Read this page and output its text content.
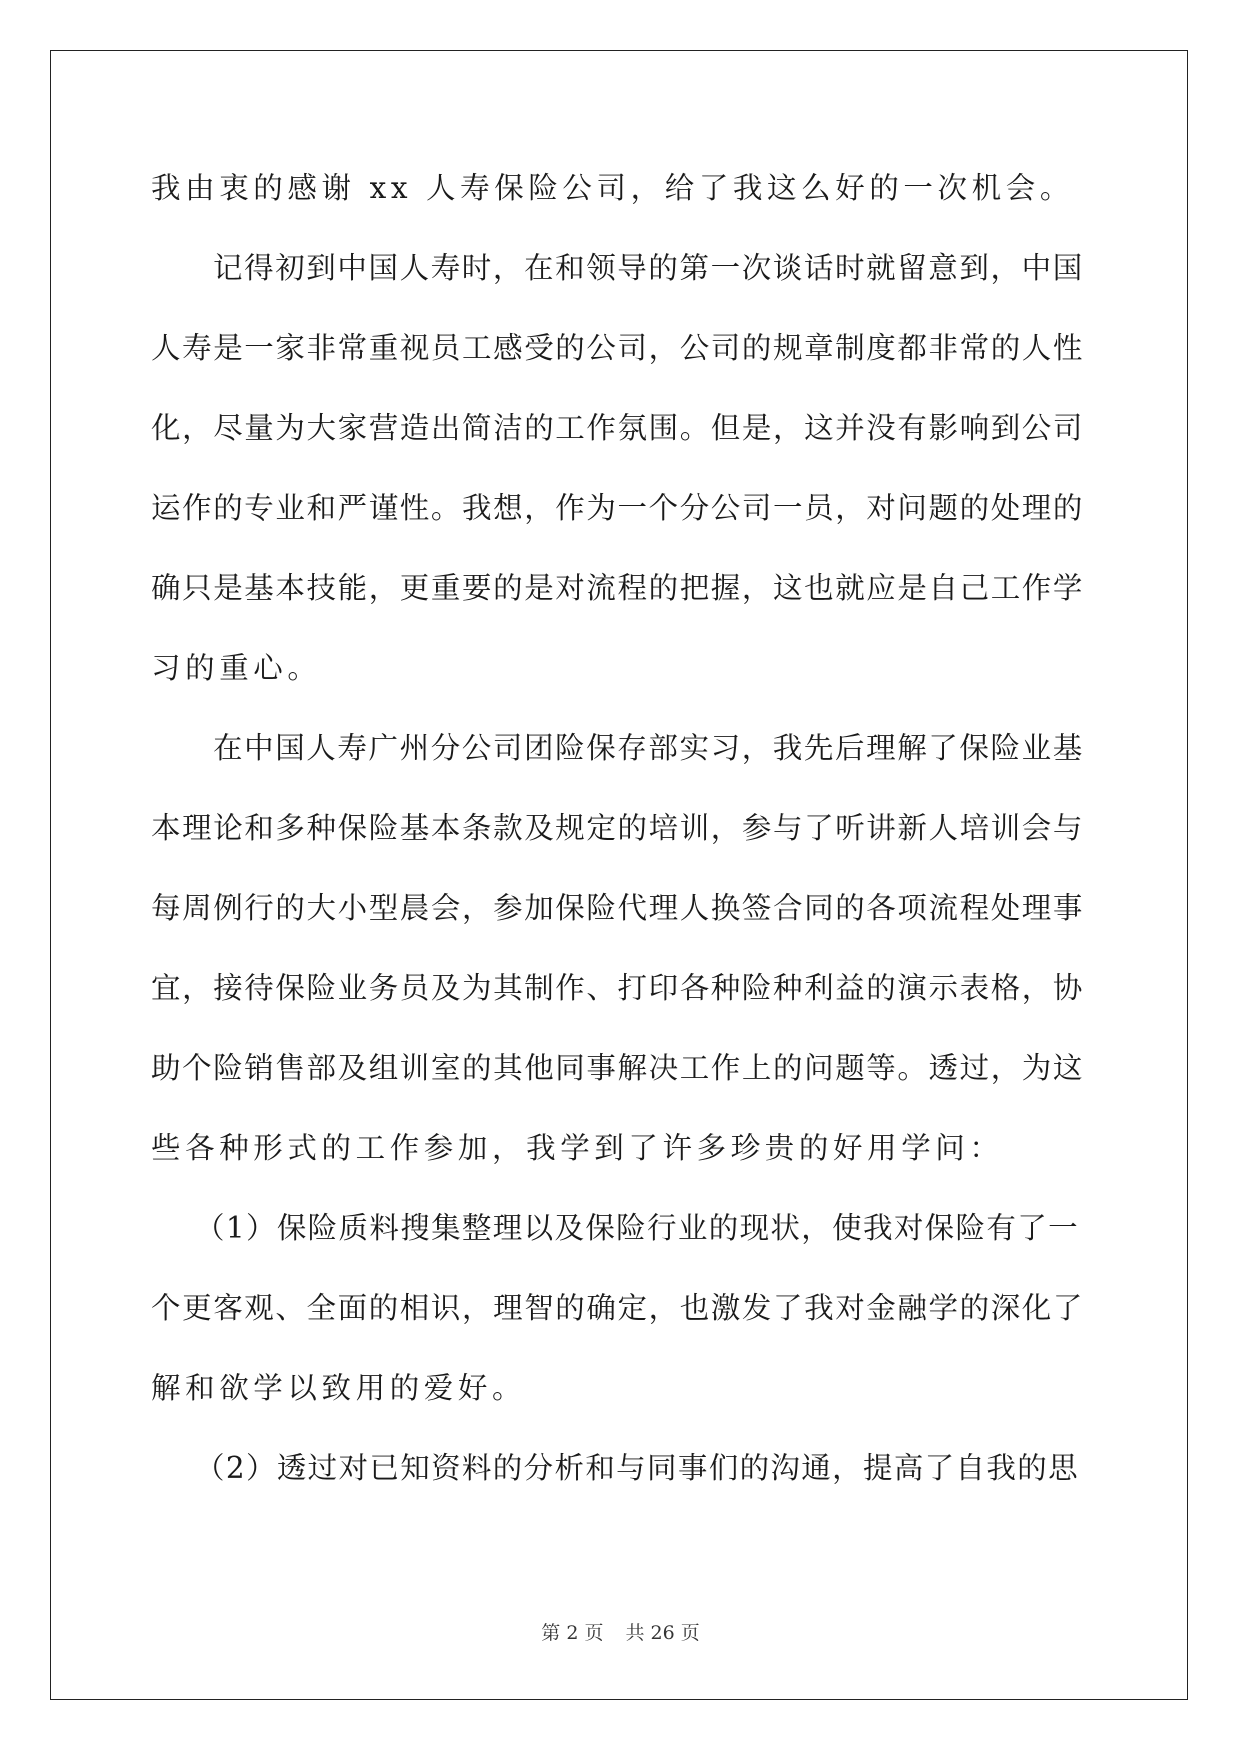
我由衷的感谢 xx 人寿保险公司，给了我这么好的一次机会。
记得初到中国人寿时，在和领导的第一次谈话时就留意到，中国
人寿是一家非常重视员工感受的公司，公司的规章制度都非常的人性
化，尽量为大家营造出简洁的工作氛围。但是，这并没有影响到公司
运作的专业和严谨性。我想，作为一个分公司一员，对问题的处理的
确只是基本技能，更重要的是对流程的把握，这也就应是自己工作学
习的重心。
在中国人寿广州分公司团险保存部实习，我先后理解了保险业基
本理论和多种保险基本条款及规定的培训，参与了听讲新人培训会与
每周例行的大小型晨会，参加保险代理人换签合同的各项流程处理事
宜，接待保险业务员及为其制作、打印各种险种利益的演示表格，协
助个险销售部及组训室的其他同事解决工作上的问题等。透过，为这
些各种形式的工作参加，我学到了许多珍贵的好用学问：
（1）保险质料搜集整理以及保险行业的现状，使我对保险有了一
个更客观、全面的相识，理智的确定，也激发了我对金融学的深化了
解和欲学以致用的爱好。
（2）透过对已知资料的分析和与同事们的沟通，提高了自我的思
第 2 页 共 26 页
